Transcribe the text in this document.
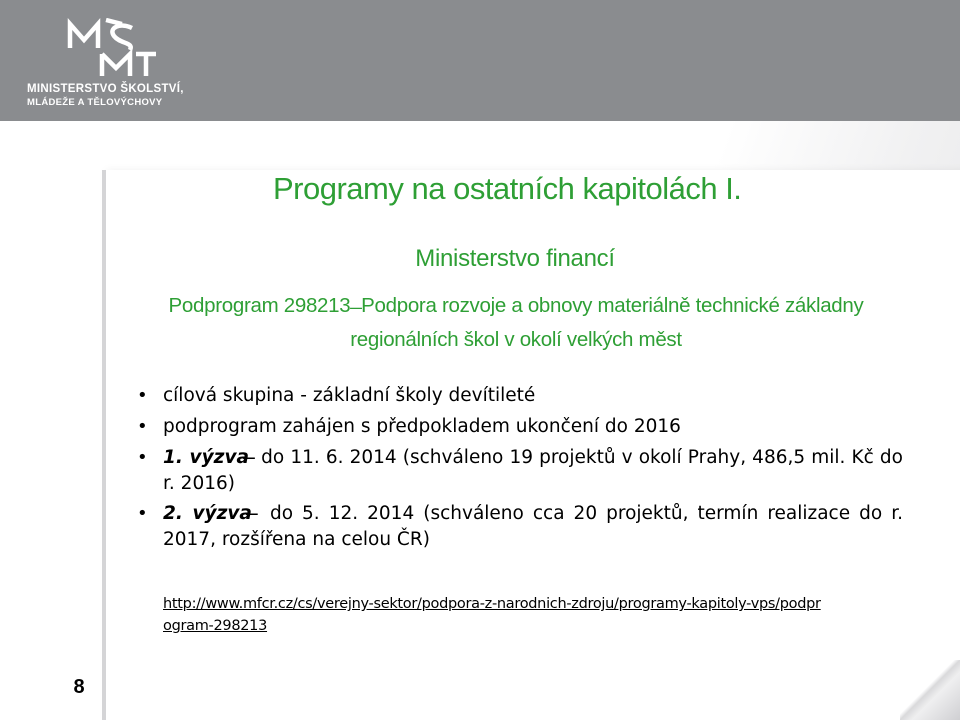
MINISTERSTVO ŠKOLSTVÍ,
MLÁDEŽE A TĚLOVÝCHOVY
Programy na ostatních kapitolách I.
Ministerstvo financí

Podprogram 298213 ̶ Podpora rozvoje a obnovy materiálně technické základny regionálních škol v okolí velkých měst

• cílová skupina - základní školy devítileté
• podprogram zahájen s předpokladem ukončení do 2016
• 1. výzva ̶ do 11. 6. 2014 (schváleno 19 projektů v okolí Prahy, 486,5 mil. Kč do r. 2016)
• 2. výzva ̶ do 5. 12. 2014 (schváleno cca 20 projektů, termín realizace do r. 2017, rozšířena na celou ČR)
http://www.mfcr.cz/cs/verejny-sektor/podpora-z-narodnich-zdroju/programy-kapitoly-vps/podprogram-298213
8
